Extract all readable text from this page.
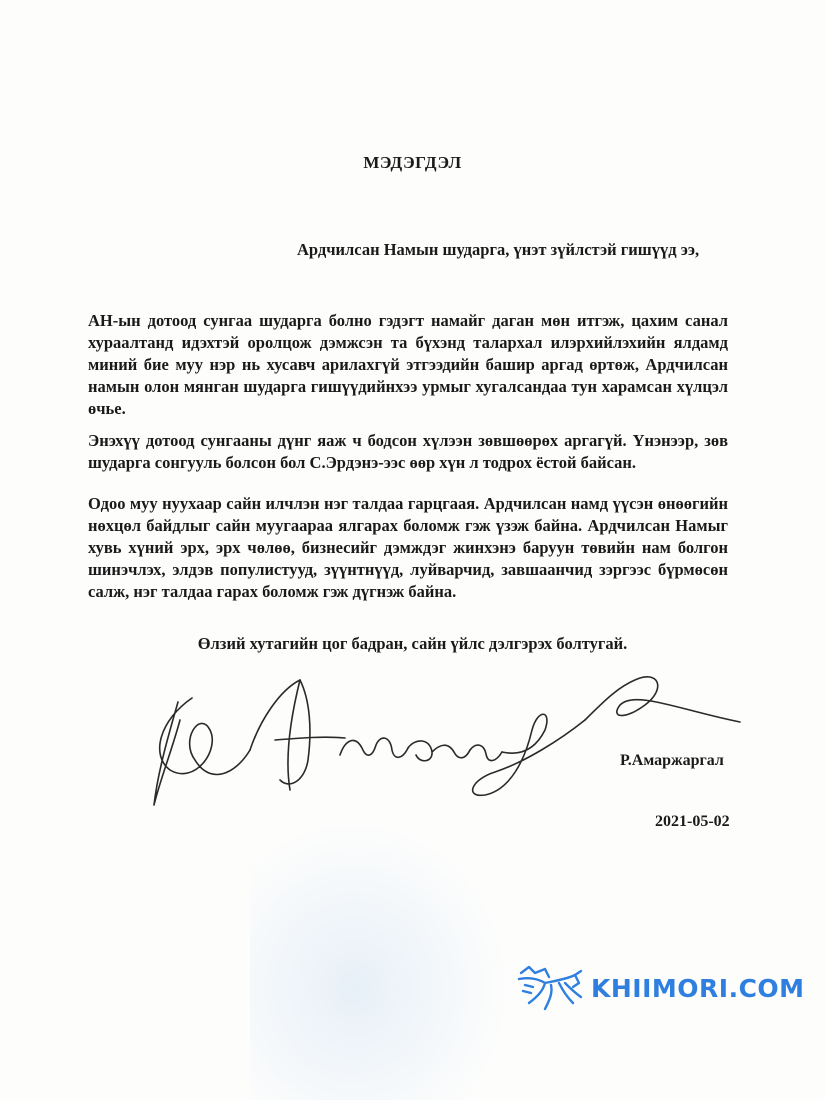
МЭДЭГДЭЛ
Ардчилсан Намын шударга, үнэт зүйлстэй гишүүд ээ,
АН-ын дотоод сунгаа шударга болно гэдэгт намайг даган мөн итгэж, цахим санал хураалтанд идэхтэй оролцож дэмжсэн та бүхэнд талархал илэрхийлэхийн ялдамд миний бие муу нэр нь хусавч арилахгүй этгээдийн башир аргад өртөж, Ардчилсан намын олон мянган шударга гишүүдийнхээ урмыг хугалсандаа тун харамсан хүлцэл өчье.
Энэхүү дотоод сунгааны дүнг яаж ч бодсон хүлээн зөвшөөрөх аргагүй. Үнэнээр, зөв шударга сонгууль болсон бол С.Эрдэнэ-ээс өөр хүн л тодрох ёстой байсан.
Одоо муу нуухаар сайн илчлэн нэг талдаа гарцгаая. Ардчилсан намд үүсэн өнөөгийн нөхцөл байдлыг сайн муугаараа ялгарах боломж гэж үзэж байна. Ардчилсан Намыг хувь хүний эрх, эрх чөлөө, бизнесийг дэмждэг жинхэнэ баруун төвийн нам болгон шинэчлэх, элдэв популистууд, зүүнтнүүд, луйварчид, завшаанчид зэргээс бүрмөсөн салж, нэг талдаа гарах боломж гэж дүгнэж байна.
Өлзий хутагийн цог бадран, сайн үйлс дэлгэрэх болтугай.
Р.Амаржаргал
2021-05-02
KHIIMORI.COM
